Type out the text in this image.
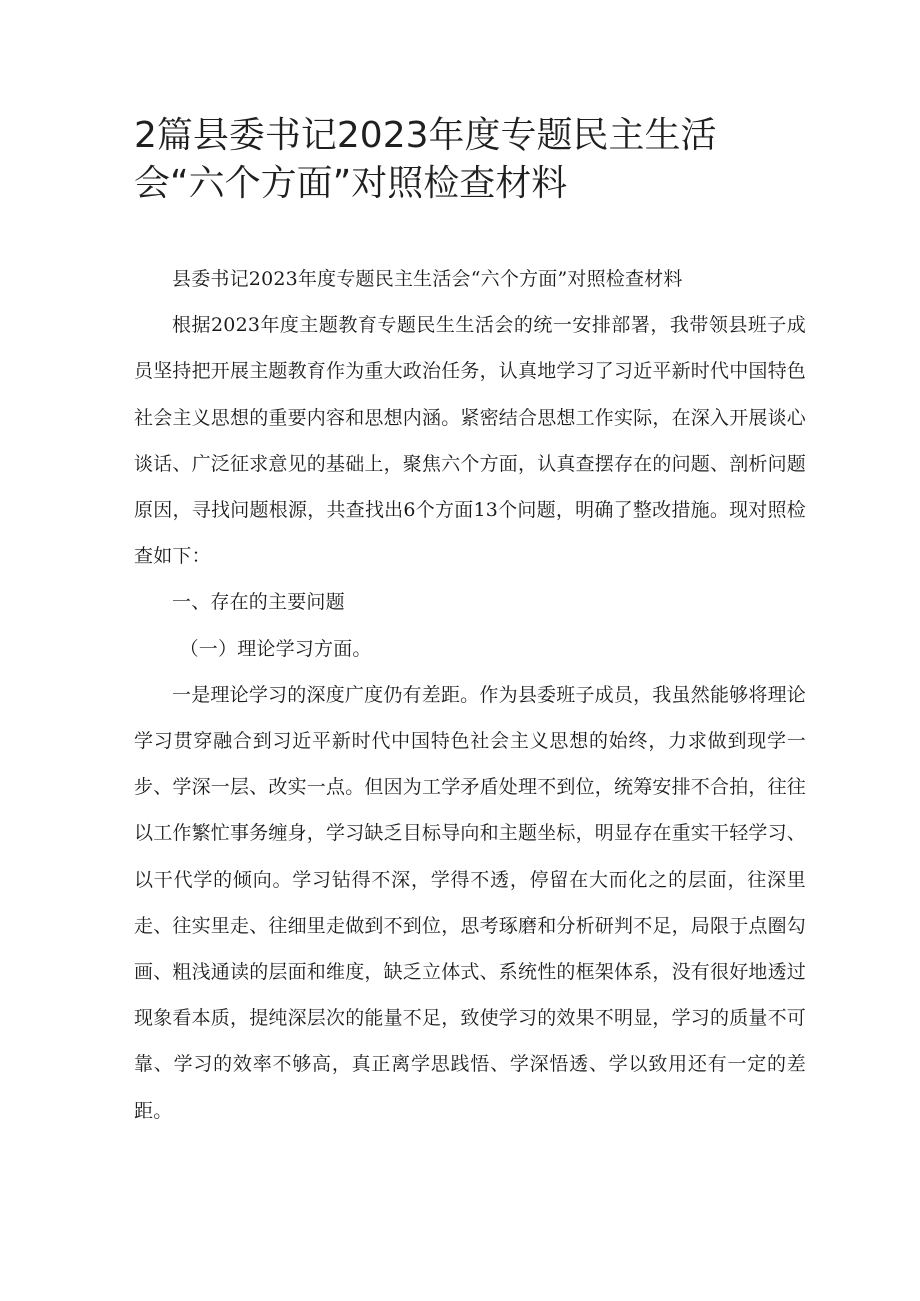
2篇县委书记2023年度专题民主生活会“六个方面”对照检查材料

县委书记2023年度专题民主生活会“六个方面”对照检查材料

根据2023年度主题教育专题民生生活会的统一安排部署，我带领县班子成员坚持把开展主题教育作为重大政治任务，认真地学习了习近平新时代中国特色社会主义思想的重要内容和思想内涵。紧密结合思想工作实际，在深入开展谈心谈话、广泛征求意见的基础上，聚焦六个方面，认真查摆存在的问题、剖析问题原因，寻找问题根源，共查找出6个方面13个问题，明确了整改措施。现对照检查如下：

一、存在的主要问题

（一）理论学习方面。

一是理论学习的深度广度仍有差距。作为县委班子成员，我虽然能够将理论学习贯穿融合到习近平新时代中国特色社会主义思想的始终，力求做到现学一步、学深一层、改实一点。但因为工学矛盾处理不到位，统筹安排不合拍，往往以工作繁忙事务缠身，学习缺乏目标导向和主题坐标，明显存在重实干轻学习、以干代学的倾向。学习钻得不深，学得不透，停留在大而化之的层面，往深里走、往实里走、往细里走做到不到位，思考琢磨和分析研判不足，局限于点圈勾画、粗浅通读的层面和维度，缺乏立体式、系统性的框架体系，没有很好地透过现象看本质，提纯深层次的能量不足，致使学习的效果不明显，学习的质量不可靠、学习的效率不够高，真正离学思践悟、学深悟透、学以致用还有一定的差距。
